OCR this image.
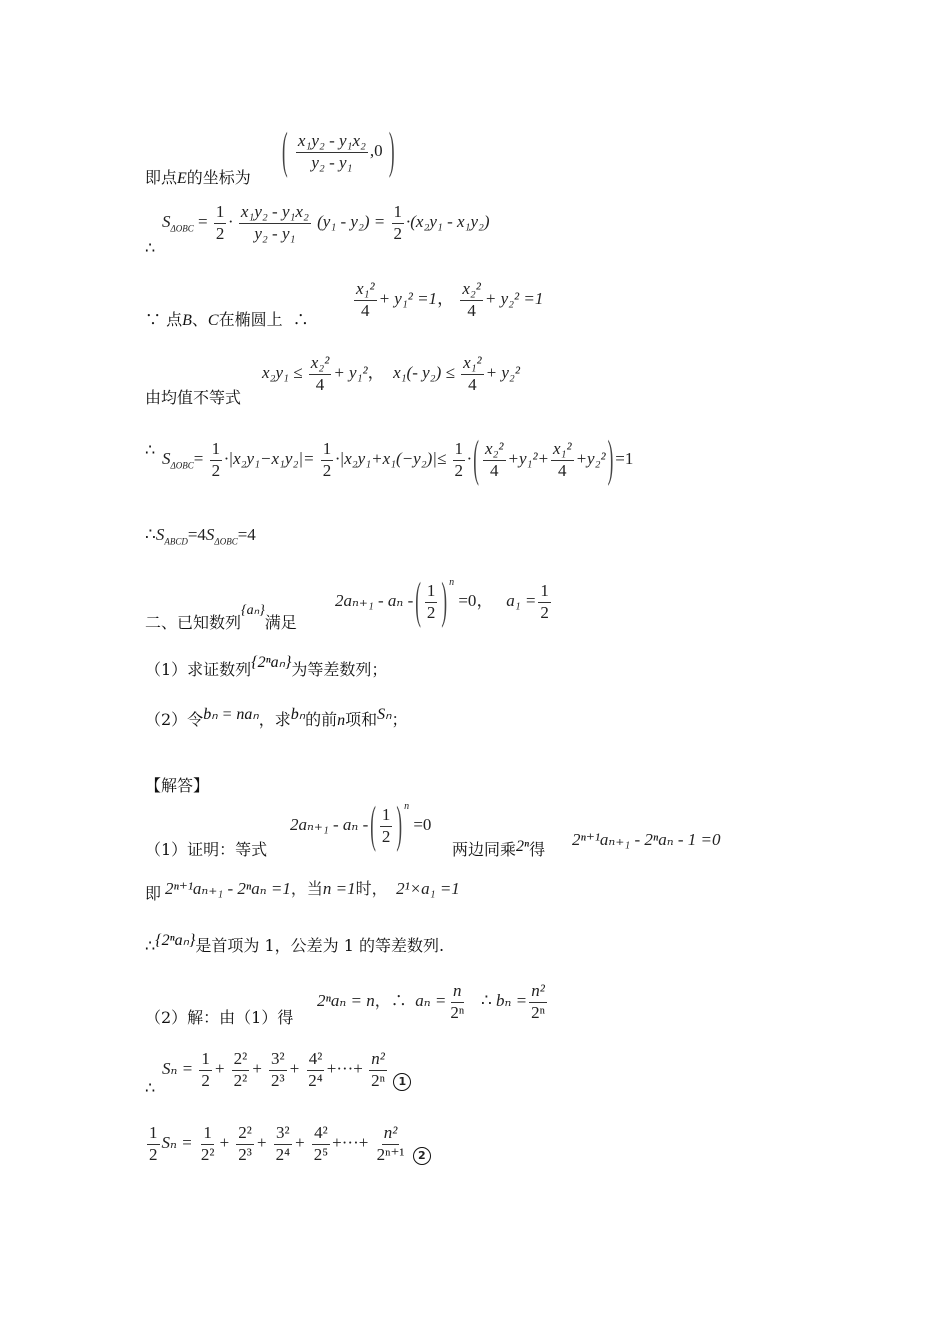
即点E的坐标为 ( $\frac{\text{x₁y₂ - y₁x₂}}{\text{y₂ - y₁}} ,0$ )
∴
$S_{\Delta OBC} = \frac{1}{2} \cdot \frac{\text{x₁y₂ - y₁x₂}}{\text{y₂ - y₁}} (y_1 - y_2) = \frac{1}{2} \cdot(x_2y_1 - x_1y_2)$
∵ 点B、C在椭圆上 ∴	$\frac{\text{x₁²}}{4} + y_1^2 =1$， $\frac{\text{x₂²}}{4} + y_2^2 =1$
由均值不等式
$x_2y_1 \le \frac{\text{x₂²}}{4} + y_1^2$， x₁(- $y_2) \le \frac{\text{x₁²}}{4} + y_2^2$
∴ $S_{\Delta OBC}= \frac{1}{2} \cdot|x_2y_1-x_1y_2|= \frac{1}{2} \cdot|x_2y_1+x_1(-y_2)|\le \frac{1}{2}$ · ( $\frac{\text{x₂²}}{4} +y_1^2+ \frac{\text{x₁²}}{4} +y_2^2$ ) =1
$\therefore S_{ABCD}=4S_{\Delta OBC}=4$
二、已知数列{aₙ}满足
2aₙ₊₁ - aₙ - ( $\frac{1}{2}$ ) $^n$ =0， $a_1 = \frac{1}{2}$
（1）求证数列{2ⁿaₙ}为等差数列；
（2）令bₙ = naₙ，求bₙ的前n项和Sₙ；
【解答】
（1）证明：等式
2aₙ₊₁ - aₙ - ( $\frac{1}{2}$ ) $^n$ =0
两边同乘2ⁿ得
2ⁿ⁺¹aₙ₊₁ - 2ⁿaₙ - 1 =0
即 2ⁿ⁺¹aₙ₊₁ - 2ⁿaₙ =1，当n =1时， 2¹×a₁ =1
∴{2ⁿaₙ}是首项为 1，公差为 1 的等差数列.
（2）解：由（1）得
2ⁿaₙ = n，∴ $a_n = \frac{n}{\text{2ⁿ}}$ ∴ $b_n = \frac{\text{n²}}{\text{2ⁿ}}$
∴
$S_n = \frac{1}{2} + \frac{\text{2²}}{\text{2²}} + \frac{\text{3²}}{\text{2³}} + \frac{\text{4²}}{\text{2⁴}}$ +···+ $\frac{\text{n²}}{\text{2ⁿ}} 1$
$\frac{1}{2}$ $S_n = \frac{1}{\text{2²}} + \frac{\text{2²}}{\text{2³}} + \frac{\text{3²}}{\text{2⁴}} + \frac{\text{4²}}{\text{2⁵}}$ +···+ $\frac{\text{n²}}{\text{2ⁿ⁺¹}} 2$
